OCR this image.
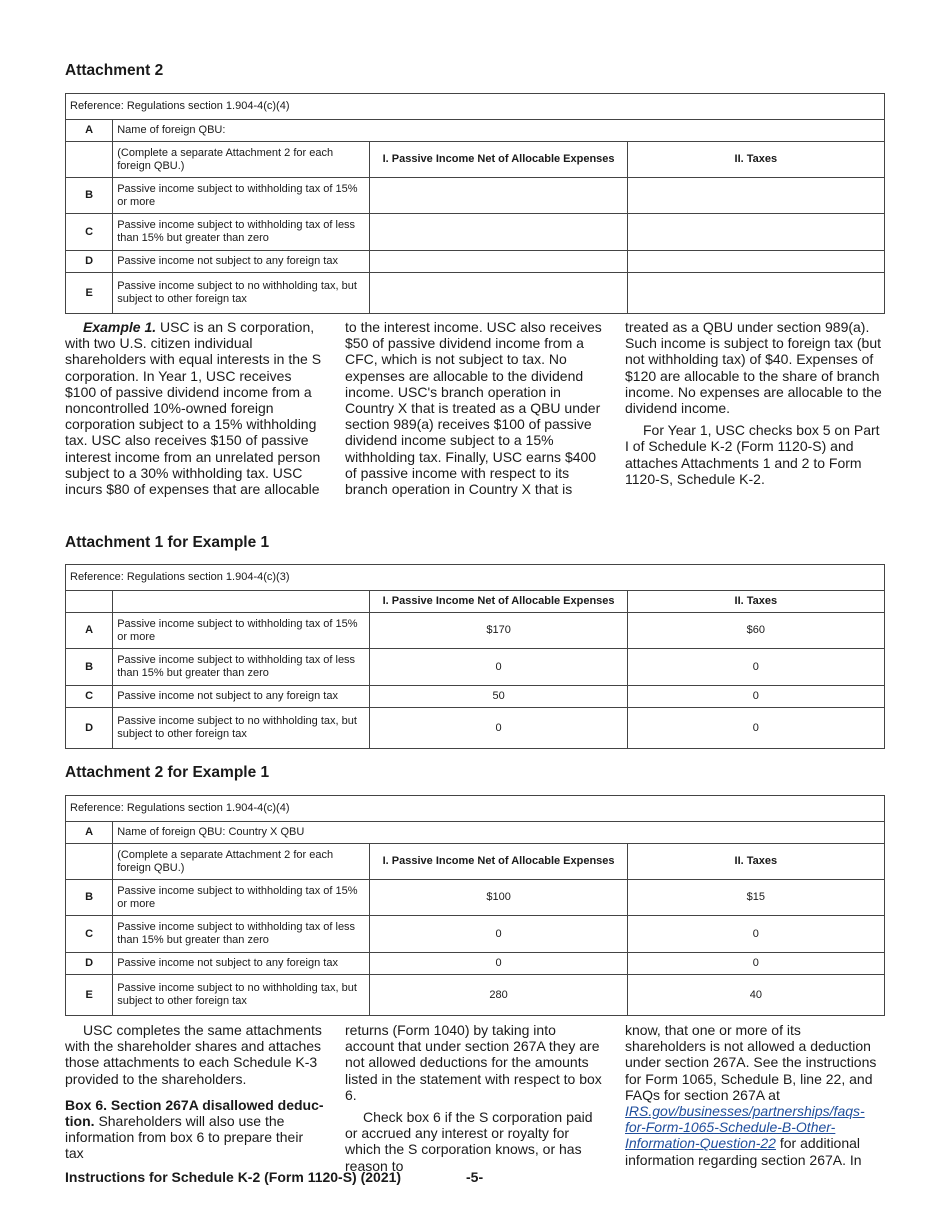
Attachment 2
Reference: Regulations section 1.904-4(c)(4)			
A	Name of foreign QBU:		
	(Complete a separate Attachment 2 for each foreign QBU.)	I. Passive Income Net of Allocable Expenses	II. Taxes
B	Passive income subject to withholding tax of 15% or more		
C	Passive income subject to withholding tax of less than 15% but greater than zero		
D	Passive income not subject to any foreign tax		
E	Passive income subject to no withholding tax, but subject to other foreign tax		

Example 1. USC is an S corporation, with two U.S. citizen individual shareholders with equal interests in the S corporation. In Year 1, USC receives $100 of passive dividend income from a noncontrolled 10%-owned foreign corporation subject to a 15% withholding tax. USC also receives $150 of passive interest income from an unrelated person subject to a 30% withholding tax. USC incurs $80 of expenses that are allocable

to the interest income. USC also receives $50 of passive dividend income from a CFC, which is not subject to tax. No expenses are allocable to the dividend income. USC's branch operation in Country X that is treated as a QBU under section 989(a) receives $100 of passive dividend income subject to a 15% withholding tax. Finally, USC earns $400 of passive income with respect to its branch operation in Country X that is

treated as a QBU under section 989(a). Such income is subject to foreign tax (but not withholding tax) of $40. Expenses of $120 are allocable to the share of branch income. No expenses are allocable to the dividend income.

For Year 1, USC checks box 5 on Part I of Schedule K-2 (Form 1120-S) and attaches Attachments 1 and 2 to Form 1120-S, Schedule K-2.

Attachment 1 for Example 1
Reference: Regulations section 1.904-4(c)(3)			
		I. Passive Income Net of Allocable Expenses	II. Taxes
A	Passive income subject to withholding tax of 15% or more	$170	$60
B	Passive income subject to withholding tax of less than 15% but greater than zero	0	0
C	Passive income not subject to any foreign tax	50	0
D	Passive income subject to no withholding tax, but subject to other foreign tax	0	0
Attachment 2 for Example 1
Reference: Regulations section 1.904-4(c)(4)			
A	Name of foreign QBU: Country X QBU		
	(Complete a separate Attachment 2 for each foreign QBU.)	I. Passive Income Net of Allocable Expenses	II. Taxes
B	Passive income subject to withholding tax of 15% or more	$100	$15
C	Passive income subject to withholding tax of less than 15% but greater than zero	0	0
D	Passive income not subject to any foreign tax	0	0
E	Passive income subject to no withholding tax, but subject to other foreign tax	280	40

USC completes the same attachments with the shareholder shares and attaches those attachments to each Schedule K-3 provided to the shareholders.

Box 6. Section 267A disallowed deduction. Shareholders will also use the information from box 6 to prepare their tax

returns (Form 1040) by taking into account that under section 267A they are not allowed deductions for the amounts listed in the statement with respect to box 6.

Check box 6 if the S corporation paid or accrued any interest or royalty for which the S corporation knows, or has reason to

know, that one or more of its shareholders is not allowed a deduction under section 267A. See the instructions for Form 1065, Schedule B, line 22, and FAQs for section 267A at IRS.gov/businesses/partnerships/faqs-for-Form-1065-Schedule-B-Other-Information-Question-22 for additional information regarding section 267A. In

Instructions for Schedule K-2 (Form 1120-S) (2021)	-5-
